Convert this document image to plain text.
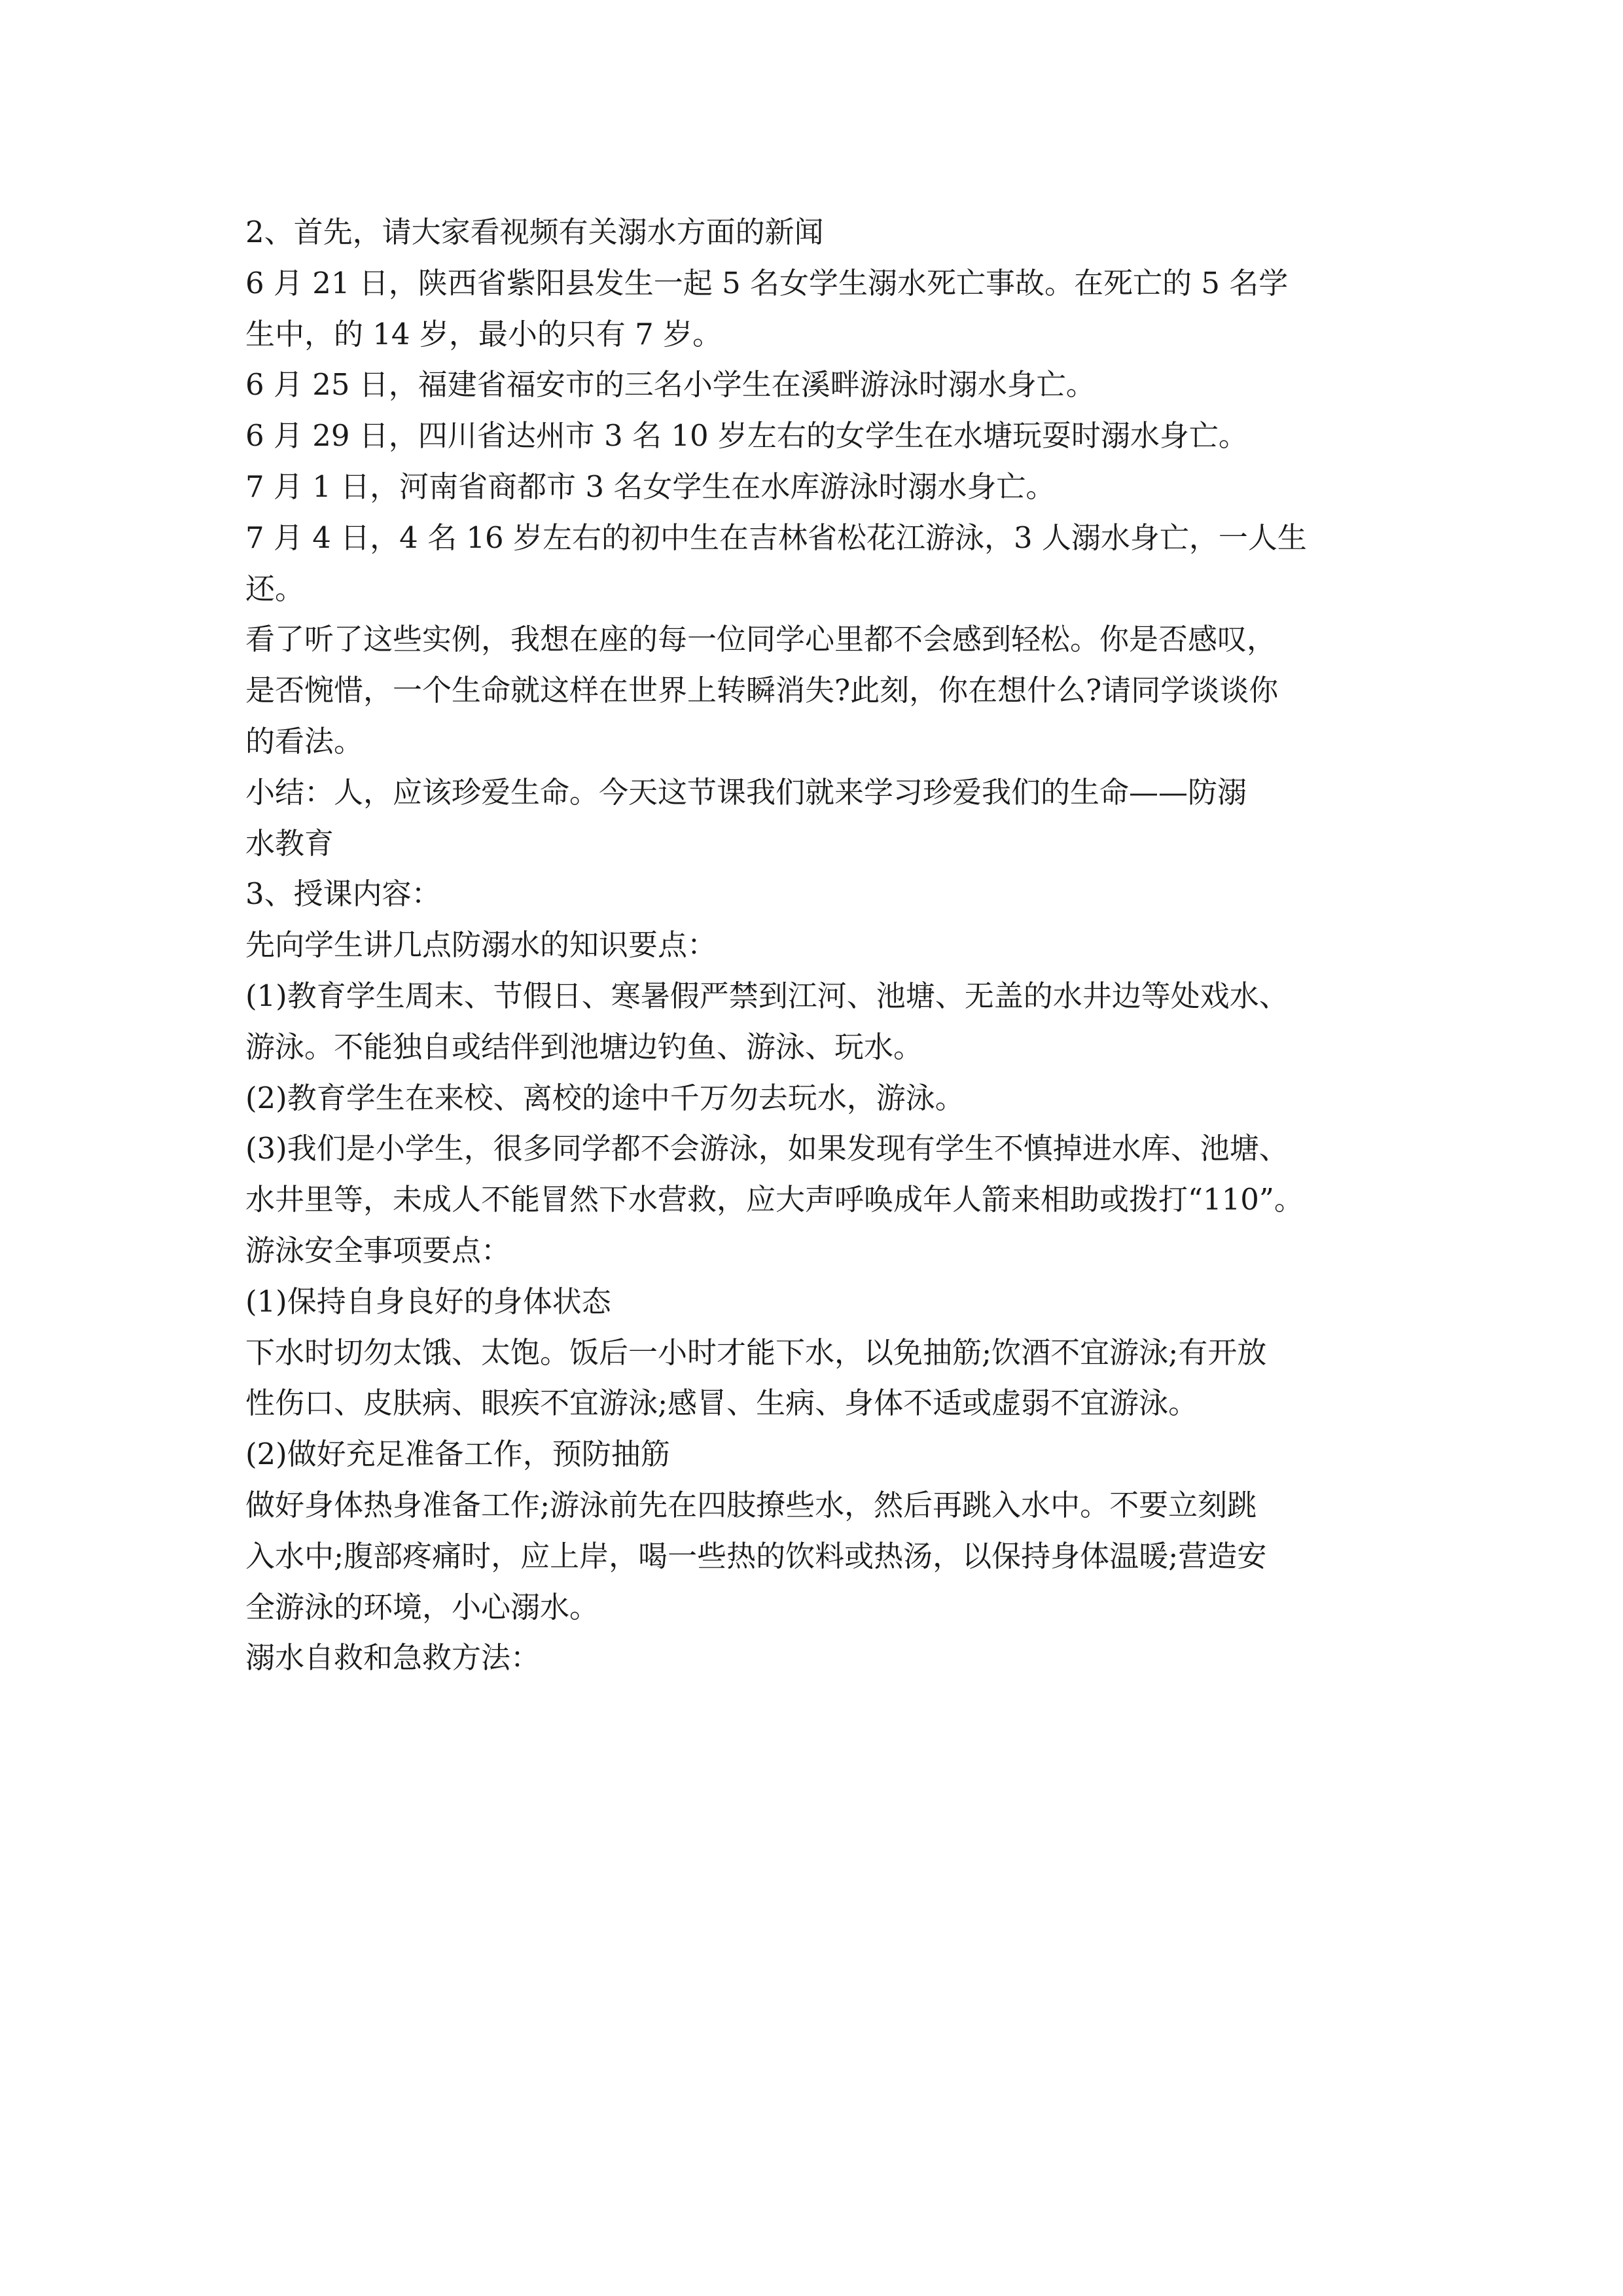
2、首先，请大家看视频有关溺水方面的新闻
6 月 21 日，陕西省紫阳县发生一起 5 名女学生溺水死亡事故。在死亡的 5 名学
生中，的 14 岁，最小的只有 7 岁。
6 月 25 日，福建省福安市的三名小学生在溪畔游泳时溺水身亡。
6 月 29 日，四川省达州市 3 名 10 岁左右的女学生在水塘玩耍时溺水身亡。
7 月 1 日，河南省商都市 3 名女学生在水库游泳时溺水身亡。
7 月 4 日，4 名 16 岁左右的初中生在吉林省松花江游泳，3 人溺水身亡，一人生
还。
看了听了这些实例，我想在座的每一位同学心里都不会感到轻松。你是否感叹，
是否惋惜，一个生命就这样在世界上转瞬消失?此刻，你在想什么?请同学谈谈你
的看法。
小结：人，应该珍爱生命。今天这节课我们就来学习珍爱我们的生命——防溺
水教育
3、授课内容：
先向学生讲几点防溺水的知识要点：
(1)教育学生周末、节假日、寒暑假严禁到江河、池塘、无盖的水井边等处戏水、
游泳。不能独自或结伴到池塘边钓鱼、游泳、玩水。
(2)教育学生在来校、离校的途中千万勿去玩水，游泳。
(3)我们是小学生，很多同学都不会游泳，如果发现有学生不慎掉进水库、池塘、
水井里等，未成人不能冒然下水营救，应大声呼唤成年人箭来相助或拨打“110”。
游泳安全事项要点：
(1)保持自身良好的身体状态
下水时切勿太饿、太饱。饭后一小时才能下水，以免抽筋;饮酒不宜游泳;有开放
性伤口、皮肤病、眼疾不宜游泳;感冒、生病、身体不适或虚弱不宜游泳。
(2)做好充足准备工作，预防抽筋
做好身体热身准备工作;游泳前先在四肢撩些水，然后再跳入水中。不要立刻跳
入水中;腹部疼痛时，应上岸，喝一些热的饮料或热汤，以保持身体温暖;营造安
全游泳的环境，小心溺水。
溺水自救和急救方法：
